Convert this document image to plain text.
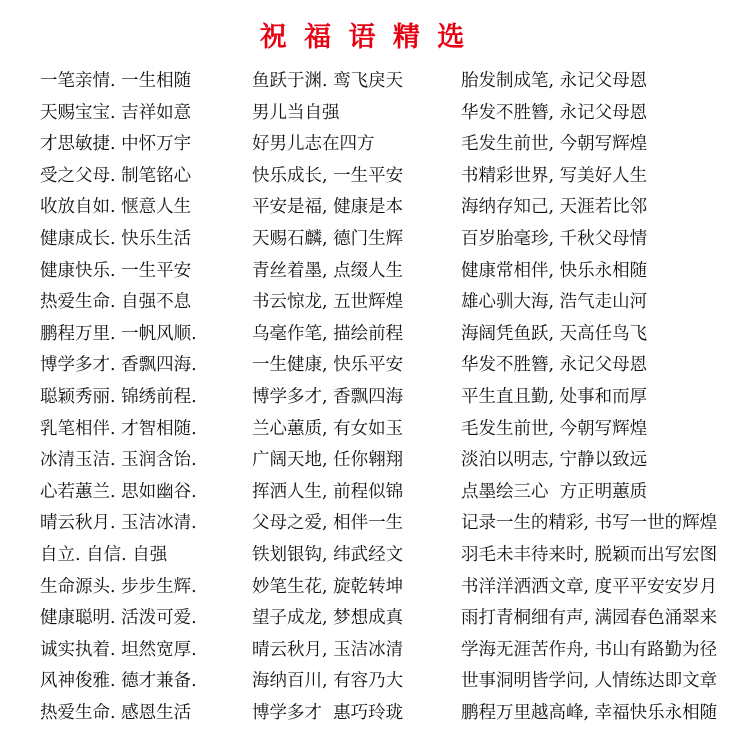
祝 福 语 精 选
一笔亲情. 一生相随
天赐宝宝. 吉祥如意
才思敏捷. 中怀万宇
受之父母. 制笔铭心
收放自如. 惬意人生
健康成长. 快乐生活
健康快乐. 一生平安
热爱生命. 自强不息
鹏程万里. 一帆风顺.
博学多才. 香飘四海.
聪颖秀丽. 锦绣前程.
乳笔相伴. 才智相随.
冰清玉洁. 玉润含饴.
心若蕙兰. 思如幽谷.
晴云秋月. 玉洁冰清.
自立. 自信. 自强
生命源头. 步步生辉.
健康聪明. 活泼可爱.
诚实执着. 坦然宽厚.
风神俊雅. 德才兼备.
热爱生命. 感恩生活
鱼跃于渊. 鸾飞戾天
男儿当自强
好男儿志在四方
快乐成长, 一生平安
平安是福, 健康是本
天赐石麟, 德门生辉
青丝着墨, 点缀人生
书云惊龙, 五世辉煌
乌毫作笔, 描绘前程
一生健康, 快乐平安
博学多才, 香飘四海
兰心蕙质, 有女如玉
广阔天地, 任你翱翔
挥洒人生, 前程似锦
父母之爱, 相伴一生
铁划银钩, 纬武经文
妙笔生花, 旋乾转坤
望子成龙, 梦想成真
晴云秋月, 玉洁冰清
海纳百川, 有容乃大
博学多才  惠巧玲珑
胎发制成笔, 永记父母恩
华发不胜簪, 永记父母恩
毛发生前世, 今朝写辉煌
书精彩世界, 写美好人生
海纳存知己, 天涯若比邻
百岁胎毫珍, 千秋父母情
健康常相伴, 快乐永相随
雄心驯大海, 浩气走山河
海阔凭鱼跃, 天高任鸟飞
华发不胜簪, 永记父母恩
平生直且勤, 处事和而厚
毛发生前世, 今朝写辉煌
淡泊以明志, 宁静以致远
点墨绘三心  方正明蕙质
记录一生的精彩, 书写一世的辉煌
羽毛未丰待来时, 脱颖而出写宏图
书洋洋洒洒文章, 度平平安安岁月
雨打青桐细有声, 满园春色涌翠来
学海无涯苦作舟, 书山有路勤为径
世事洞明皆学问, 人情练达即文章
鹏程万里越高峰, 幸福快乐永相随
